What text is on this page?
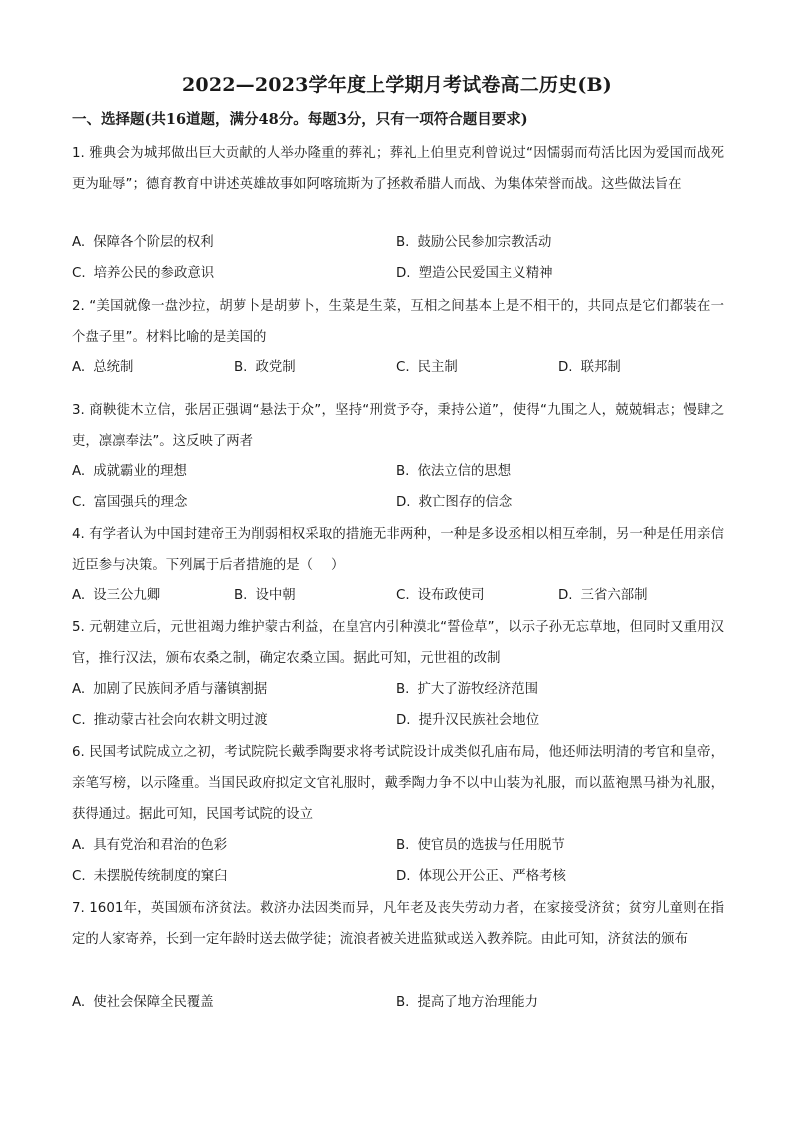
2022—2023学年度上学期月考试卷高二历史(B)
一、选择题(共16道题，满分48分。每题3分，只有一项符合题目要求)
1. 雅典会为城邦做出巨大贡献的人举办隆重的葬礼；葬礼上伯里克利曾说过“因懦弱而苟活比因为爱国而战死更为耻辱”；德育教育中讲述英雄故事如阿喀琉斯为了拯救希腊人而战、为集体荣誉而战。这些做法旨在
A. 保障各个阶层的权利	B. 鼓励公民参加宗教活动
C. 培养公民的参政意识	D. 塑造公民爱国主义精神
2. “美国就像一盘沙拉，胡萝卜是胡萝卜，生菜是生菜，互相之间基本上是不相干的，共同点是它们都装在一个盘子里”。材料比喻的是美国的
A. 总统制	B. 政党制	C. 民主制	D. 联邦制
3. 商鞅徙木立信，张居正强调“悬法于众”，坚持“刑赏予夺，秉持公道”，使得“九围之人，兢兢辑志；慢肆之吏，凛凛奉法”。这反映了两者
A. 成就霸业的理想	B. 依法立信的思想
C. 富国强兵的理念	D. 救亡图存的信念
4. 有学者认为中国封建帝王为削弱相权采取的措施无非两种，一种是多设丞相以相互牵制，另一种是任用亲信近臣参与决策。下列属于后者措施的是（ ）
A. 设三公九卿	B. 设中朝	C. 设布政使司	D. 三省六部制
5. 元朝建立后，元世祖竭力维护蒙古利益，在皇宫内引种漠北“誓俭草”，以示子孙无忘草地，但同时又重用汉官，推行汉法，颁布农桑之制，确定农桑立国。据此可知，元世祖的改制
A. 加剧了民族间矛盾与藩镇割据	B. 扩大了游牧经济范围
C. 推动蒙古社会向农耕文明过渡	D. 提升汉民族社会地位
6. 民国考试院成立之初，考试院院长戴季陶要求将考试院设计成类似孔庙布局，他还师法明清的考官和皇帝，亲笔写榜，以示隆重。当国民政府拟定文官礼服时，戴季陶力争不以中山装为礼服，而以蓝袍黑马褂为礼服，获得通过。据此可知，民国考试院的设立
A. 具有党治和君治的色彩	B. 使官员的选拔与任用脱节
C. 未摆脱传统制度的窠臼	D. 体现公开公正、严格考核
7. 1601年，英国颁布济贫法。救济办法因类而异，凡年老及丧失劳动力者，在家接受济贫；贫穷儿童则在指定的人家寄养，长到一定年龄时送去做学徒；流浪者被关进监狱或送入教养院。由此可知，济贫法的颁布
A. 使社会保障全民覆盖	B. 提高了地方治理能力
